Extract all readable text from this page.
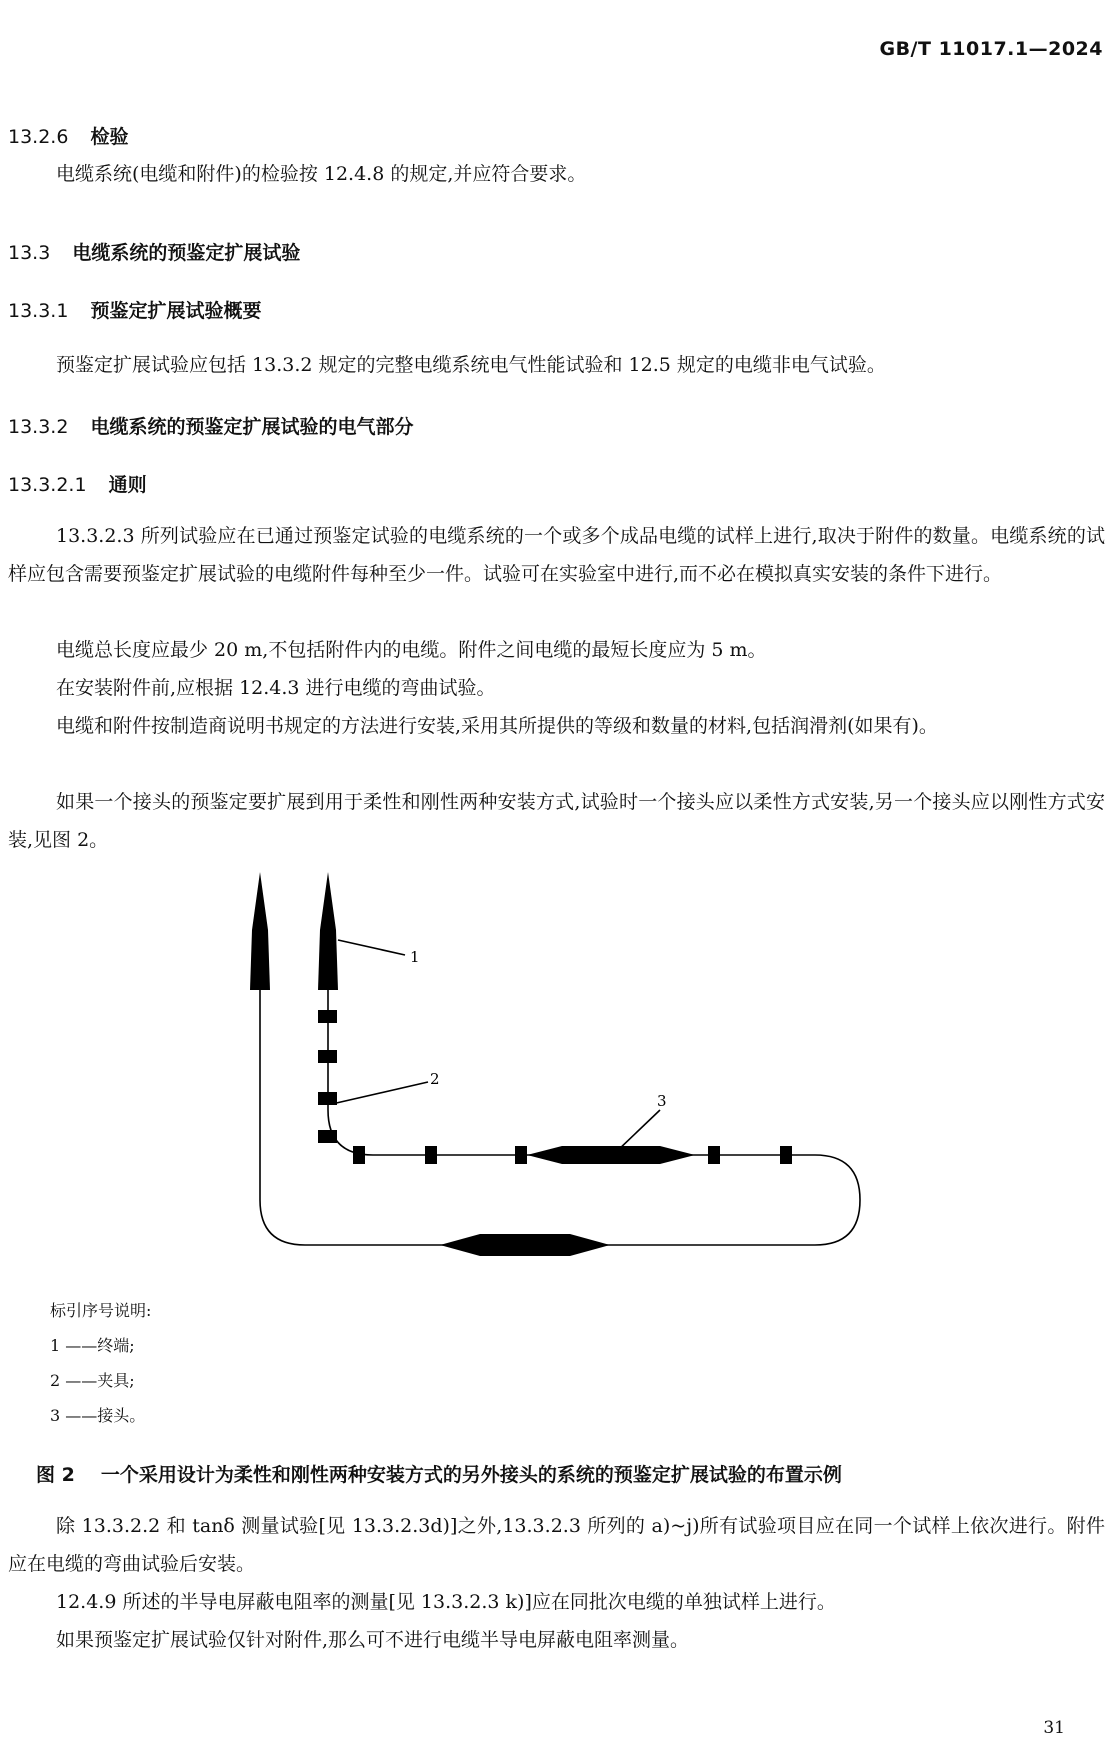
GB/T 11017.1—2024
13.2.6 检验

电缆系统(电缆和附件)的检验按 12.4.8 的规定,并应符合要求。

13.3 电缆系统的预鉴定扩展试验
13.3.1 预鉴定扩展试验概要

预鉴定扩展试验应包括 13.3.2 规定的完整电缆系统电气性能试验和 12.5 规定的电缆非电气试验。

13.3.2 电缆系统的预鉴定扩展试验的电气部分
13.3.2.1 通则

13.3.2.3 所列试验应在已通过预鉴定试验的电缆系统的一个或多个成品电缆的试样上进行,取决于附件的数量。电缆系统的试样应包含需要预鉴定扩展试验的电缆附件每种至少一件。试验可在实验室中进行,而不必在模拟真实安装的条件下进行。

电缆总长度应最少 20 m,不包括附件内的电缆。附件之间电缆的最短长度应为 5 m。

在安装附件前,应根据 12.4.3 进行电缆的弯曲试验。

电缆和附件按制造商说明书规定的方法进行安装,采用其所提供的等级和数量的材料,包括润滑剂(如果有)。

如果一个接头的预鉴定要扩展到用于柔性和刚性两种安装方式,试验时一个接头应以柔性方式安装,另一个接头应以刚性方式安装,见图 2。

1
2
3
标引序号说明:
1 ——终端;
2 ——夹具;
3 ——接头。
图 2 一个采用设计为柔性和刚性两种安装方式的另外接头的系统的预鉴定扩展试验的布置示例

除 13.3.2.2 和 tanδ 测量试验[见 13.3.2.3d)]之外,13.3.2.3 所列的 a)~j)所有试验项目应在同一个试样上依次进行。附件应在电缆的弯曲试验后安装。

12.4.9 所述的半导电屏蔽电阻率的测量[见 13.3.2.3 k)]应在同批次电缆的单独试样上进行。

如果预鉴定扩展试验仅针对附件,那么可不进行电缆半导电屏蔽电阻率测量。

31
